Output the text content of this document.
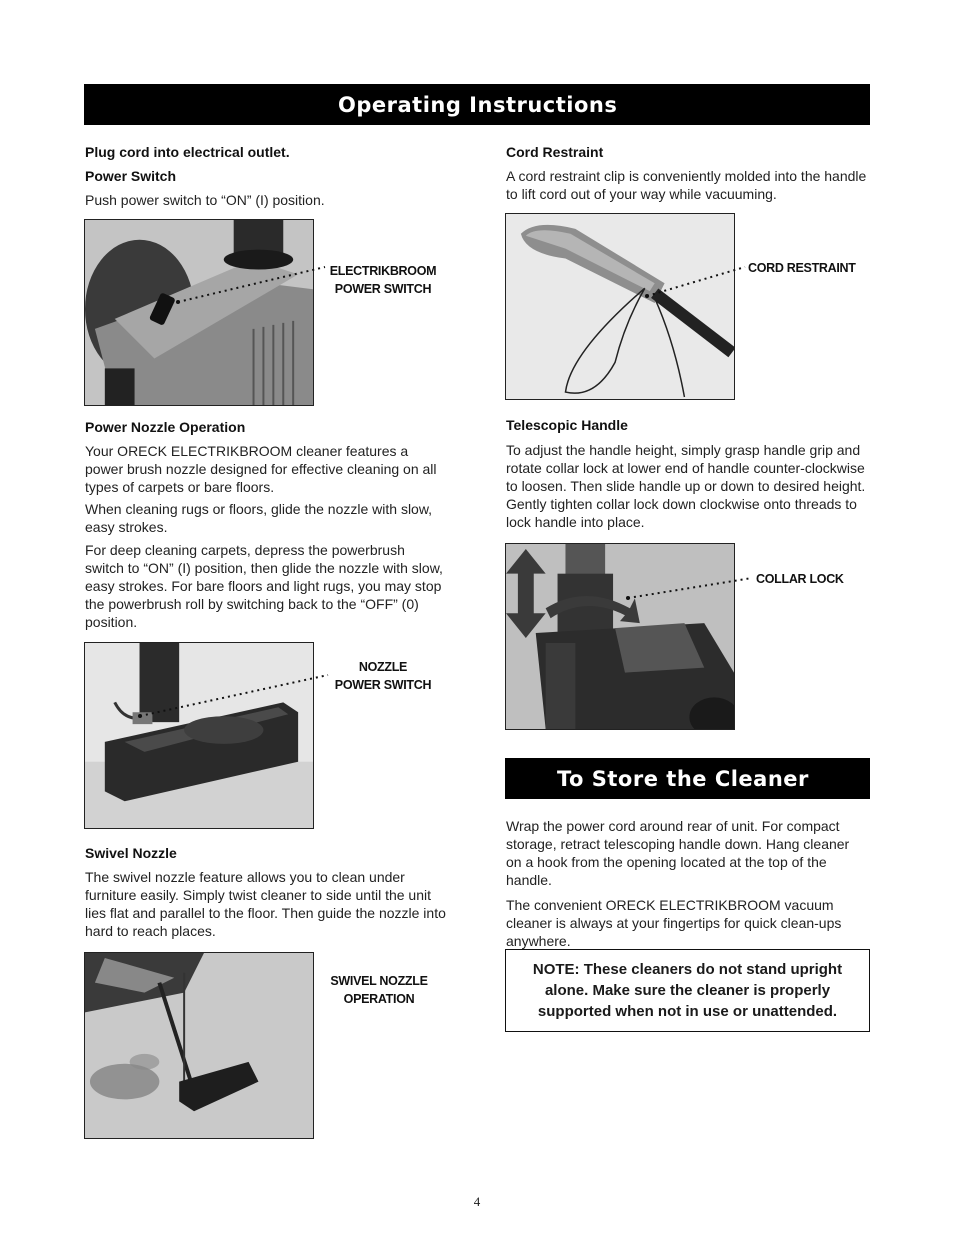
Operating Instructions

Plug cord into electrical outlet.

Power Switch

Push power switch to “ON” (I) position.

ELECTRIKBROOM
POWER SWITCH

Power Nozzle Operation

Your ORECK ELECTRIKBROOM cleaner features a power brush nozzle designed for effective cleaning on all types of carpets or bare floors.

When cleaning rugs or floors, glide the nozzle with slow, easy strokes.

For deep cleaning carpets, depress the powerbrush switch to “ON” (I) position, then glide the nozzle with slow, easy strokes. For bare floors and light rugs, you may stop the powerbrush roll by switching back to the “OFF” (0) position.

NOZZLE
POWER SWITCH

Swivel Nozzle

The swivel nozzle feature allows you to clean under furniture easily. Simply twist cleaner to side until the unit lies flat and parallel to the floor. Then guide the nozzle into hard to reach places.

SWIVEL NOZZLE
OPERATION

Cord Restraint

A cord restraint clip is conveniently molded into the handle to lift cord out of your way while vacuuming.

CORD RESTRAINT

Telescopic Handle

To adjust the handle height, simply grasp handle grip and rotate collar lock at lower end of handle counter-clockwise to loosen. Then slide handle up or down to desired height. Gently tighten collar lock down clockwise onto threads to lock handle into place.

COLLAR LOCK
To Store the Cleaner

Wrap the power cord around rear of unit. For compact storage, retract telescoping handle down. Hang cleaner on a hook from the opening located at the top of the handle.

The convenient ORECK ELECTRIKBROOM vacuum cleaner is always at your fingertips for quick clean-ups anywhere.

NOTE: These cleaners do not stand upright alone. Make sure the cleaner is properly supported when not in use or unattended.
4
